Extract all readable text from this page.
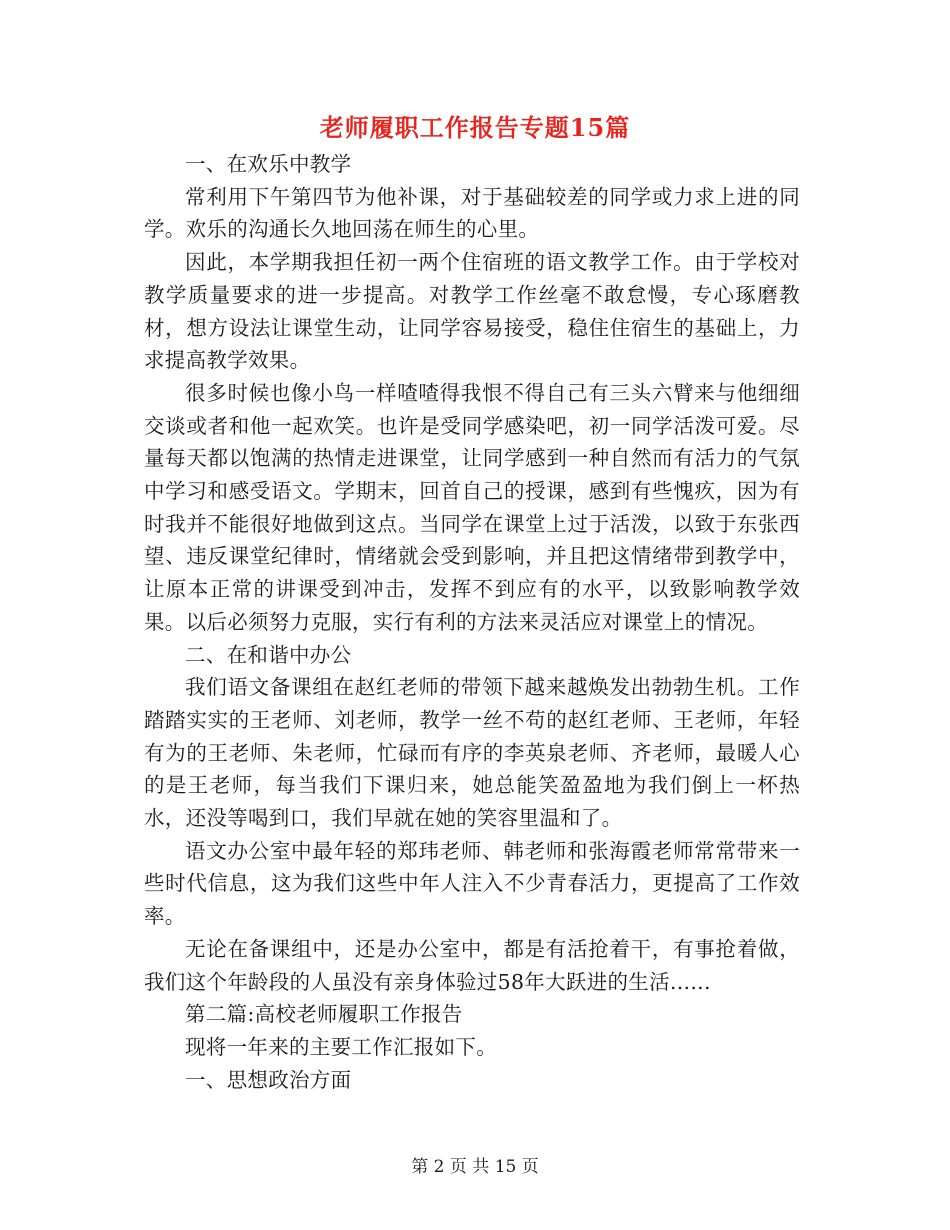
老师履职工作报告专题15篇

一、在欢乐中教学

常利用下午第四节为他补课，对于基础较差的同学或力求上进的同学。欢乐的沟通长久地回荡在师生的心里。

因此，本学期我担任初一两个住宿班的语文教学工作。由于学校对教学质量要求的进一步提高。对教学工作丝毫不敢怠慢，专心琢磨教材，想方设法让课堂生动，让同学容易接受，稳住住宿生的基础上，力求提高教学效果。

很多时候也像小鸟一样喳喳得我恨不得自己有三头六臂来与他细细交谈或者和他一起欢笑。也许是受同学感染吧，初一同学活泼可爱。尽量每天都以饱满的热情走进课堂，让同学感到一种自然而有活力的气氛中学习和感受语文。学期末，回首自己的授课，感到有些愧疚，因为有时我并不能很好地做到这点。当同学在课堂上过于活泼，以致于东张西望、违反课堂纪律时，情绪就会受到影响，并且把这情绪带到教学中，让原本正常的讲课受到冲击，发挥不到应有的水平，以致影响教学效果。以后必须努力克服，实行有利的方法来灵活应对课堂上的情况。

二、在和谐中办公

我们语文备课组在赵红老师的带领下越来越焕发出勃勃生机。工作踏踏实实的王老师、刘老师，教学一丝不苟的赵红老师、王老师，年轻有为的王老师、朱老师，忙碌而有序的李英泉老师、齐老师，最暖人心的是王老师，每当我们下课归来，她总能笑盈盈地为我们倒上一杯热水，还没等喝到口，我们早就在她的笑容里温和了。

语文办公室中最年轻的郑玮老师、韩老师和张海霞老师常常带来一些时代信息，这为我们这些中年人注入不少青春活力，更提高了工作效率。

无论在备课组中，还是办公室中，都是有活抢着干，有事抢着做，我们这个年龄段的人虽没有亲身体验过58年大跃进的生活......

第二篇:高校老师履职工作报告

现将一年来的主要工作汇报如下。

一、思想政治方面

第 2 页 共 15 页
